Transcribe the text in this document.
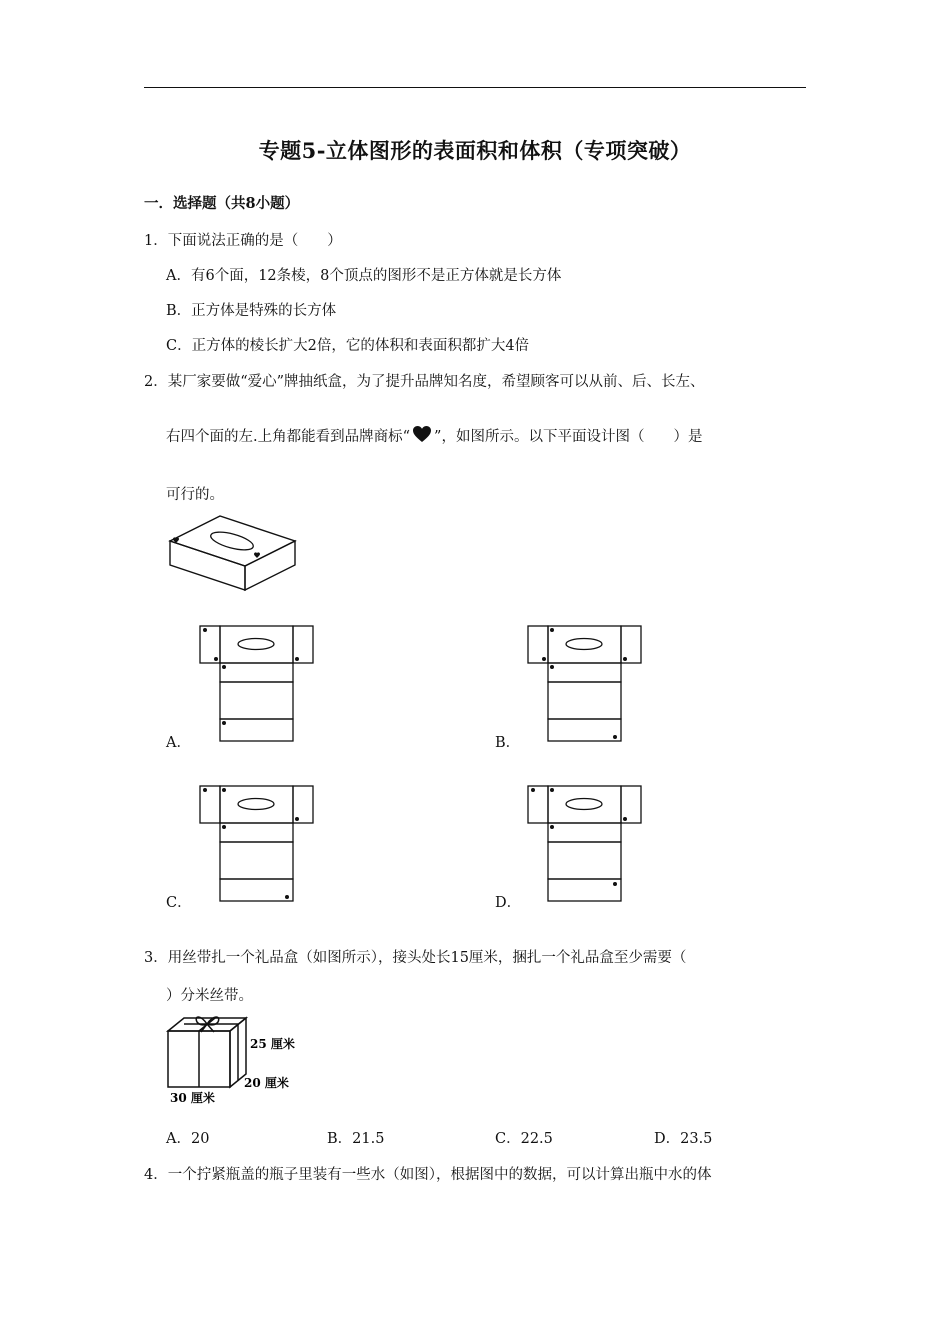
专题5-立体图形的表面积和体积（专项突破）
一．选择题（共8小题）
1．下面说法正确的是（　　）
A．有6个面，12条棱，8个顶点的图形不是正方体就是长方体
B．正方体是特殊的长方体
C．正方体的棱长扩大2倍，它的体积和表面积都扩大4倍
2．某厂家要做“爱心”牌抽纸盒，为了提升品牌知名度，希望顾客可以从前、后、长左、
右四个面的左.上角都能看到品牌商标“ ”，如图所示。以下平面设计图（　　）是
可行的。
A．	B．
C．	D．
3．用丝带扎一个礼品盒（如图所示），接头处长15厘米，捆扎一个礼品盒至少需要（
）分米丝带。
25 厘米
20 厘米
30 厘米
A．20	B．21.5	C．22.5	D．23.5
4．一个拧紧瓶盖的瓶子里装有一些水（如图），根据图中的数据，可以计算出瓶中水的体
